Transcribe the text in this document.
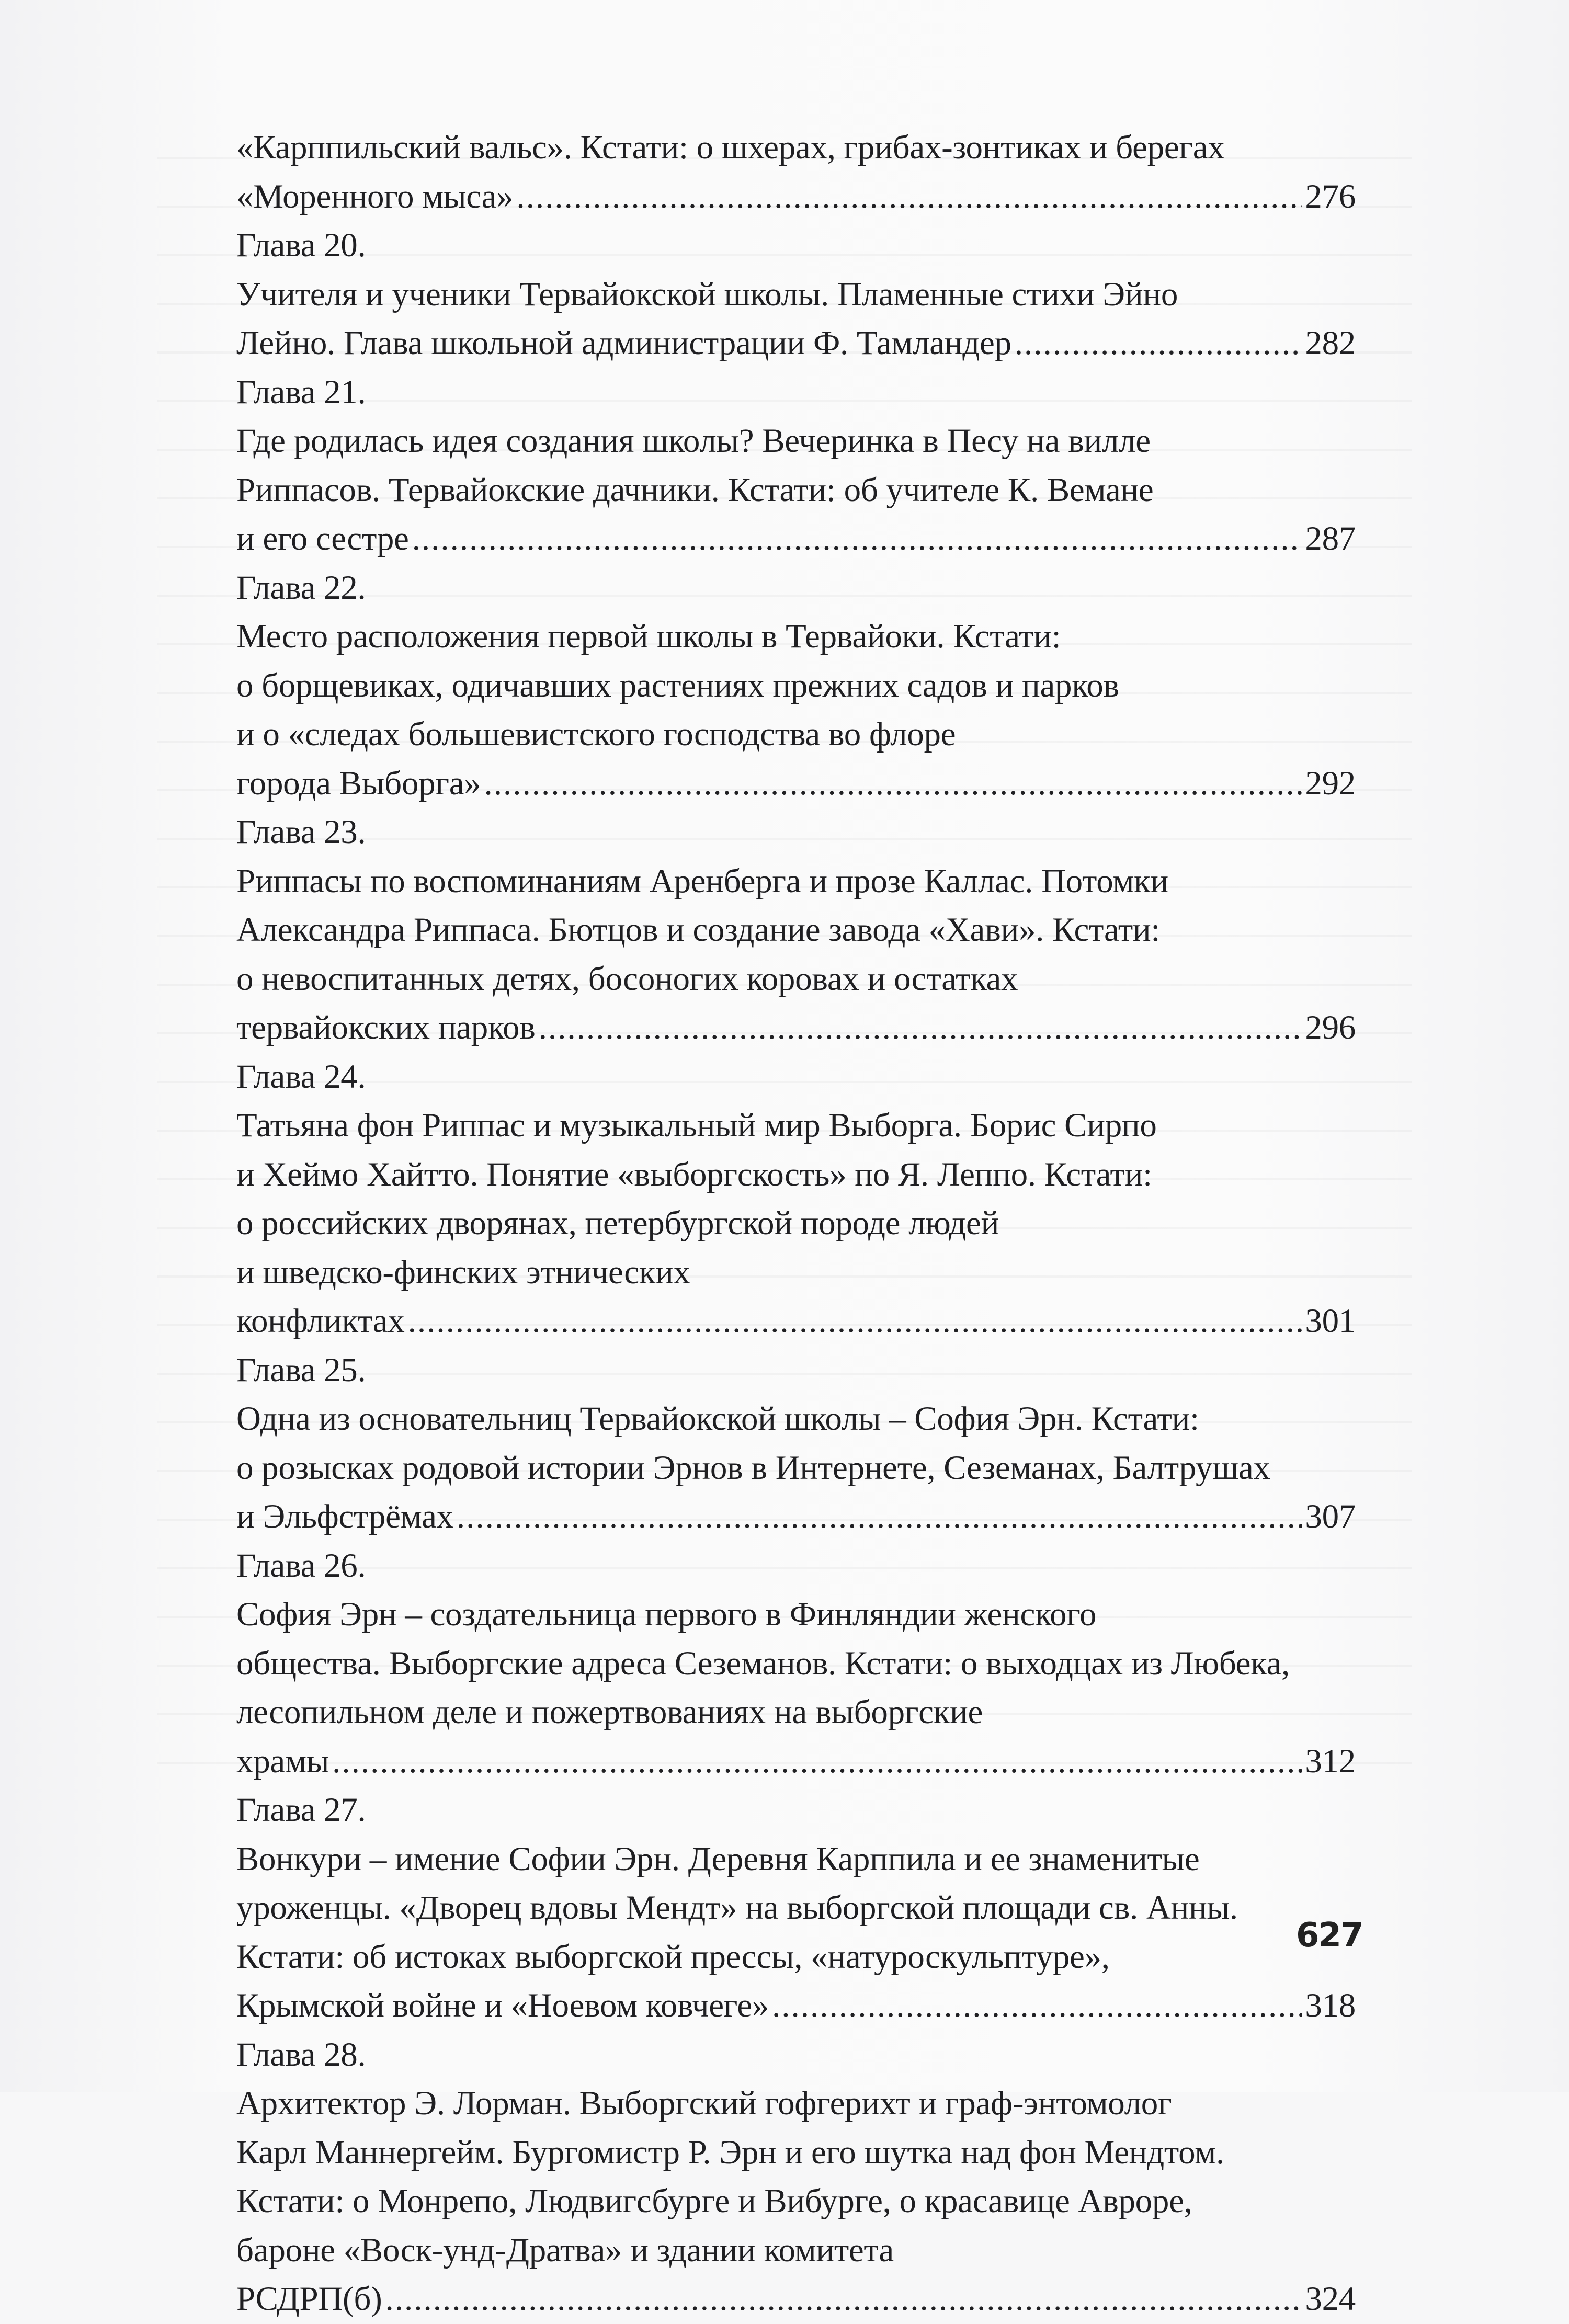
«Карппильский вальс». Кстати: о шхерах, грибах-зонтиках и берегах
«Моренного мыса» .....	276
Глава 20.
Учителя и ученики Тервайокской школы. Пламенные стихи Эйно
Лейно. Глава школьной администрации Ф. Тамландер .....	282
Глава 21.
Где родилась идея создания школы? Вечеринка в Песу на вилле
Риппасов. Тервайокские дачники. Кстати: об учителе К. Вемане
и его сестре .....	287
Глава 22.
Место расположения первой школы в Тервайоки. Кстати:
о борщевиках, одичавших растениях прежних садов и парков
и о «следах большевистского господства во флоре
города Выборга» .....	292
Глава 23.
Риппасы по воспоминаниям Аренберга и прозе Каллас. Потомки
Александра Риппаса. Бютцов и создание завода «Хави». Кстати:
о невоспитанных детях, босоногих коровах и остатках
тервайокских парков .....	296
Глава 24.
Татьяна фон Риппас и музыкальный мир Выборга. Борис Сирпо
и Хеймо Хайтто. Понятие «выборгскость» по Я. Леппо. Кстати:
о российских дворянах, петербургской породе людей
и шведско-финских этнических
конфликтах .....	301
Глава 25.
Одна из основательниц Тервайокской школы – София Эрн. Кстати:
о розысках родовой истории Эрнов в Интернете, Сеземанах, Балтрушах
и Эльфстрёмах .....	307
Глава 26.
София Эрн – создательница первого в Финляндии женского
общества. Выборгские адреса Сеземанов. Кстати: о выходцах из Любека,
лесопильном деле и пожертвованиях на выборгские
храмы .....	312
Глава 27.
Вонкури – имение Софии Эрн. Деревня Карппила и ее знаменитые
уроженцы. «Дворец вдовы Мендт» на выборгской площади св. Анны.
Кстати: об истоках выборгской прессы, «натуроскульптуре»,
Крымской войне и «Ноевом ковчеге» .....	318
Глава 28.
Архитектор Э. Лорман. Выборгский гофгерихт и граф-энтомолог
Карл Маннергейм. Бургомистр Р. Эрн и его шутка над фон Мендтом.
Кстати: о Монрепо, Людвигсбурге и Вибурге, о красавице Авроре,
бароне «Воск-унд-Дратва» и здании комитета
РСДРП(б) .....	324
627
